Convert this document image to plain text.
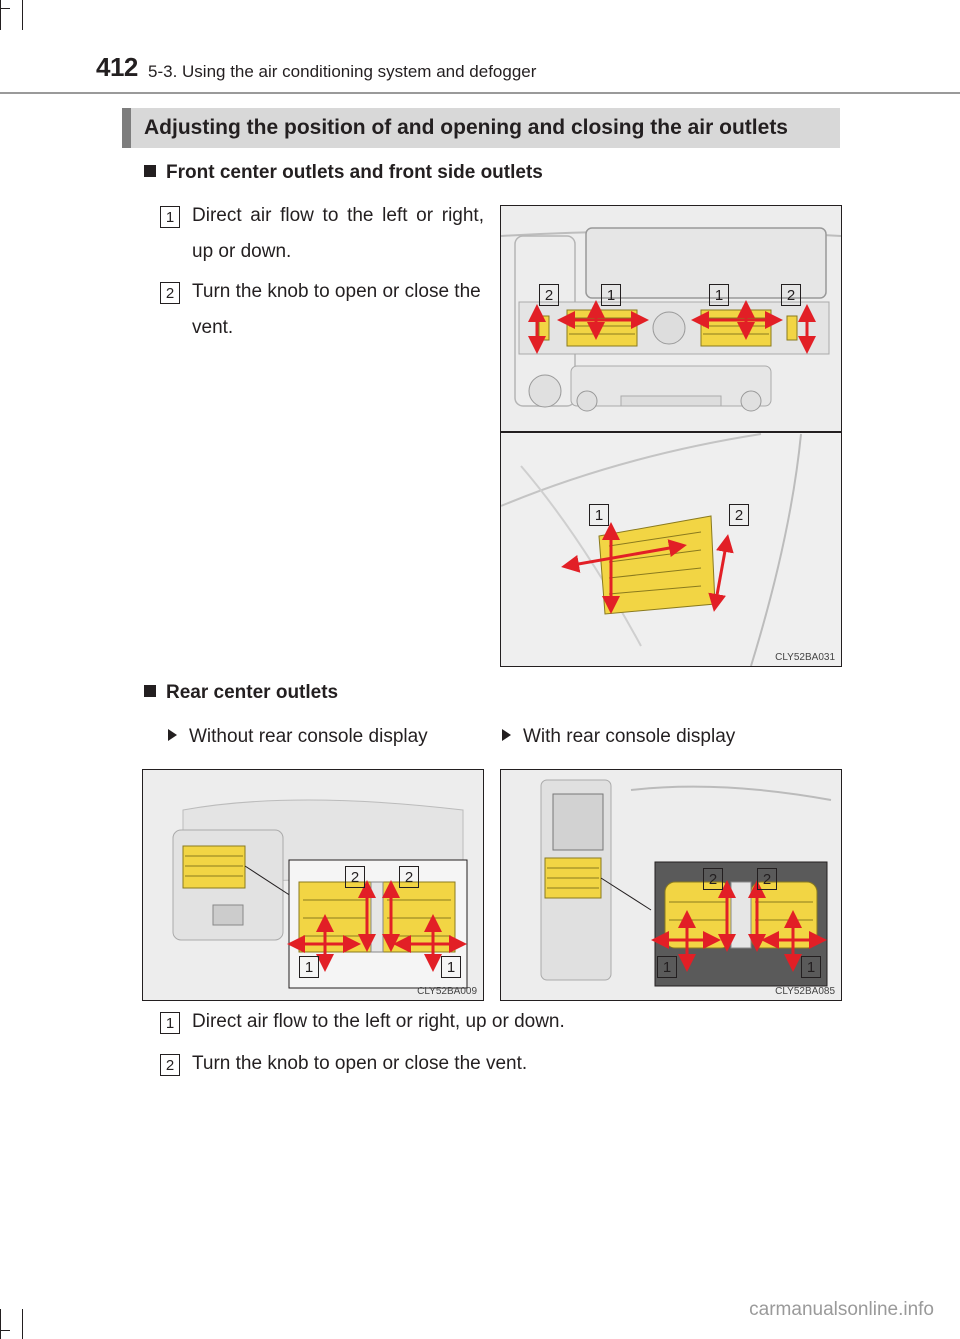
412 5-3. Using the air conditioning system and defogger
Adjusting the position of and opening and closing the air outlets
Front center outlets and front side outlets
1 Direct air flow to the left or right, up or down.
2 Turn the knob to open or close the vent.
2	1	1	2
1	2
CLY52BA031
Rear center outlets
Without rear console display	With rear console display
2	2
1	1
CLY52BA009
2	2
1	1
CLY52BA085
1 Direct air flow to the left or right, up or down.
2 Turn the knob to open or close the vent.
carmanualsonline.info
